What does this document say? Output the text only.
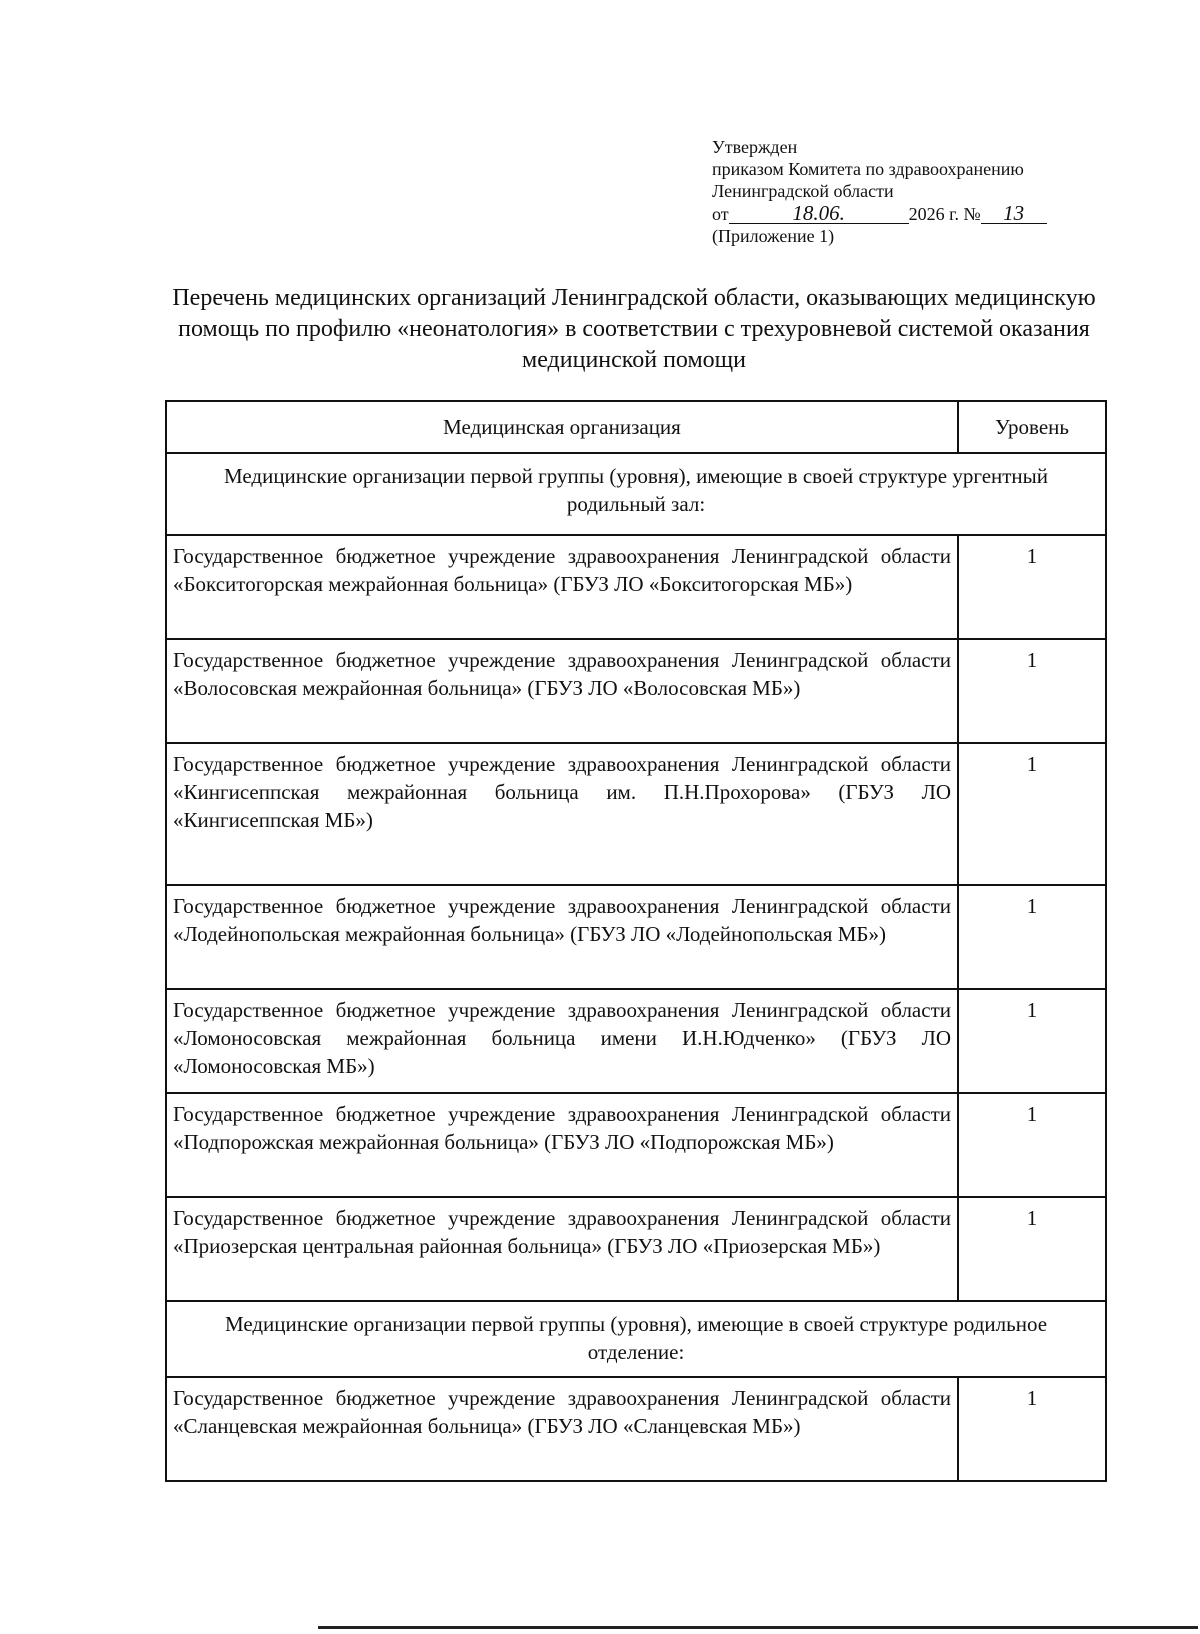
Утвержден
приказом Комитета по здравоохранению
Ленинградской области
от	18.06.	2026 г. № 13
(Приложение 1)
Перечень медицинских организаций Ленинградской области, оказывающих медицинскую помощь по профилю «неонатология» в соответствии с трехуровневой системой оказания медицинской помощи
Медицинская организация	Уровень
Медицинские организации первой группы (уровня), имеющие в своей структуре ургентный родильный зал:	
Государственное бюджетное учреждение здравоохранения Ленинградской области «Бокситогорская межрайонная больница» (ГБУЗ ЛО «Бокситогорская МБ»)	1
Государственное бюджетное учреждение здравоохранения Ленинградской области «Волосовская межрайонная больница» (ГБУЗ ЛО «Волосовская МБ»)	1
Государственное бюджетное учреждение здравоохранения Ленинградской области «Кингисеппская межрайонная больница им. П.Н.Прохорова» (ГБУЗ ЛО «Кингисеппская МБ»)	1
Государственное бюджетное учреждение здравоохранения Ленинградской области «Лодейнопольская межрайонная больница» (ГБУЗ ЛО «Лодейнопольская МБ»)	1
Государственное бюджетное учреждение здравоохранения Ленинградской области «Ломоносовская межрайонная больница имени И.Н.Юдченко» (ГБУЗ ЛО «Ломоносовская МБ»)	1
Государственное бюджетное учреждение здравоохранения Ленинградской области «Подпорожская межрайонная больница» (ГБУЗ ЛО «Подпорожская МБ»)	1
Государственное бюджетное учреждение здравоохранения Ленинградской области «Приозерская центральная районная больница» (ГБУЗ ЛО «Приозерская МБ»)	1
Медицинские организации первой группы (уровня), имеющие в своей структуре родильное отделение:	
Государственное бюджетное учреждение здравоохранения Ленинградской области «Сланцевская межрайонная больница» (ГБУЗ ЛО «Сланцевская МБ»)	1
